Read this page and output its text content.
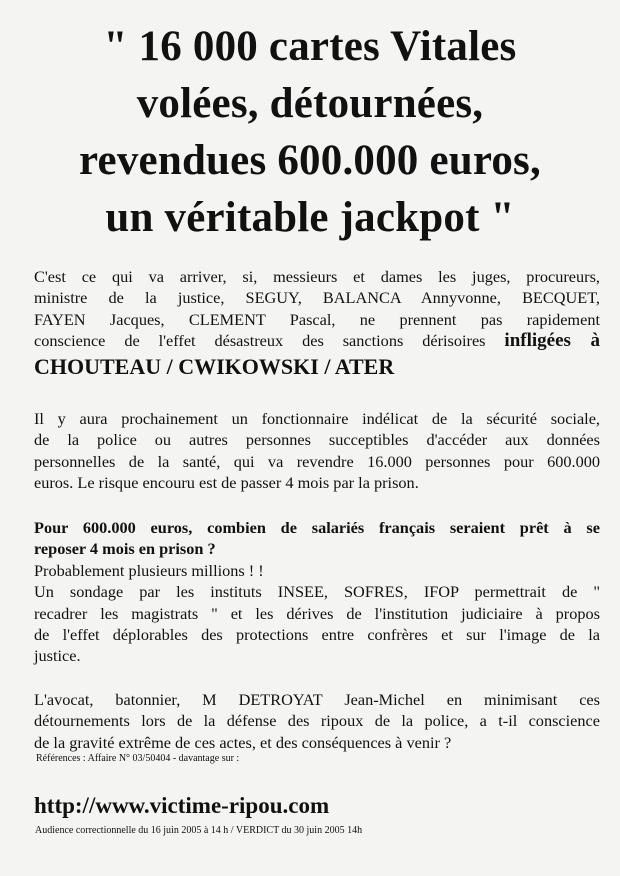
" 16 000 cartes Vitales
volées, détournées,
revendues 600.000 euros,
un véritable jackpot "
C'est ce qui va arriver, si, messieurs et dames les juges, procureurs,
ministre de la justice, SEGUY, BALANCA Annyvonne, BECQUET,
FAYEN Jacques, CLEMENT Pascal, ne prennent pas rapidement
conscience de l'effet désastreux des sanctions dérisoires infligées à
CHOUTEAU / CWIKOWSKI / ATER
Il y aura prochainement un fonctionnaire indélicat de la sécurité sociale,
de la police ou autres personnes succeptibles d'accéder aux données
personnelles de la santé, qui va revendre 16.000 personnes pour 600.000
euros. Le risque encouru est de passer 4 mois par la prison.
Pour 600.000 euros, combien de salariés français seraient prêt à se
reposer 4 mois en prison ?
Probablement plusieurs millions ! !
Un sondage par les instituts INSEE, SOFRES, IFOP permettrait de "
recadrer les magistrats " et les dérives de l'institution judiciaire à propos
de l'effet déplorables des protections entre confrères et sur l'image de la
justice.
L'avocat, batonnier, M DETROYAT Jean-Michel en minimisant ces
détournements lors de la défense des ripoux de la police, a t-il conscience
de la gravité extrême de ces actes, et des conséquences à venir ?
Références : Affaire N° 03/50404 - davantage sur :
http://www.victime-ripou.com
Audience correctionnelle du 16 juin 2005 à 14 h / VERDICT du 30 juin 2005 14h
